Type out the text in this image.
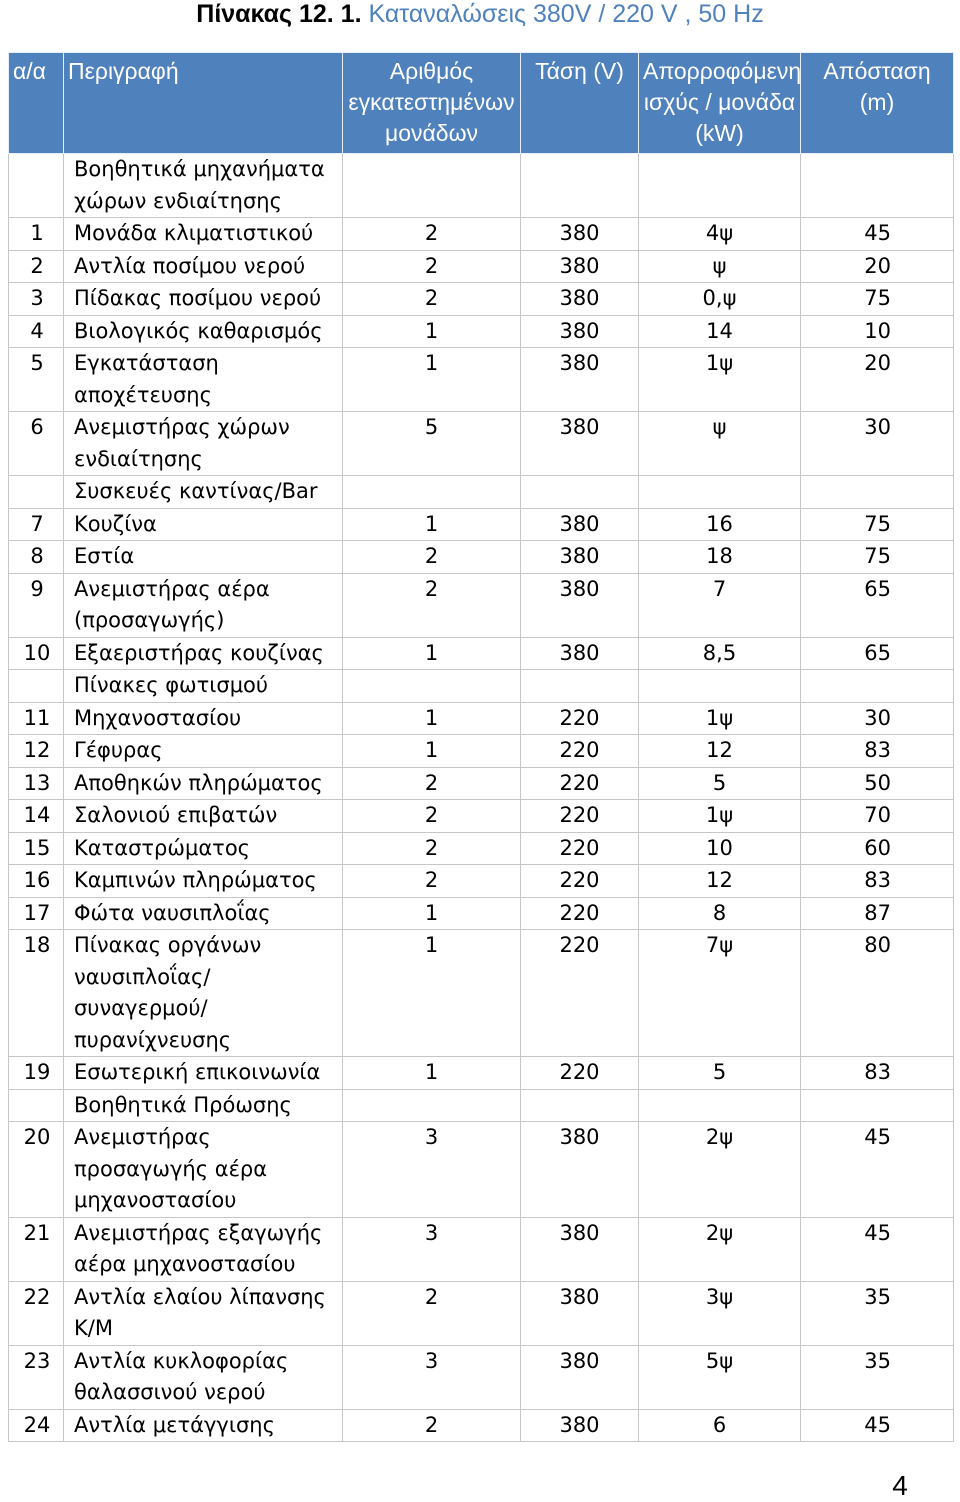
Πίνακας 12. 1. Καταναλώσεις 380V / 220 V , 50 Hz
α/α	Περιγραφή	Αριθμός εγκατεστημένων μονάδων	Τάση (V)	Απορροφόμενη ισχύς / μονάδα (kW)	Απόσταση (m)
	Βοηθητικά μηχανήματα χώρων ενδιαίτησης				
1	Μονάδα κλιματιστικού	2	380	4ψ	45
2	Αντλία ποσίμου νερού	2	380	ψ	20
3	Πίδακας ποσίμου νερού	2	380	0,ψ	75
4	Βιολογικός καθαρισμός	1	380	14	10
5	Εγκατάσταση αποχέτευσης	1	380	1ψ	20
6	Ανεμιστήρας χώρων ενδιαίτησης	5	380	ψ	30
	Συσκευές καντίνας/Bar				
7	Κουζίνα	1	380	16	75
8	Εστία	2	380	18	75
9	Ανεμιστήρας αέρα (προσαγωγής)	2	380	7	65
10	Εξαεριστήρας κουζίνας	1	380	8,5	65
	Πίνακες φωτισμού				
11	Μηχανοστασίου	1	220	1ψ	30
12	Γέφυρας	1	220	12	83
13	Αποθηκών πληρώματος	2	220	5	50
14	Σαλονιού επιβατών	2	220	1ψ	70
15	Καταστρώματος	2	220	10	60
16	Καμπινών πληρώματος	2	220	12	83
17	Φώτα ναυσιπλοΐας	1	220	8	87
18	Πίνακας οργάνων ναυσιπλοΐας/συναγερμού/πυρανίχνευσης	1	220	7ψ	80
19	Εσωτερική επικοινωνία	1	220	5	83
	Βοηθητικά Πρόωσης				
20	Ανεμιστήρας προσαγωγής αέρα μηχανοστασίου	3	380	2ψ	45
21	Ανεμιστήρας εξαγωγής αέρα μηχανοστασίου	3	380	2ψ	45
22	Αντλία ελαίου λίπανσης Κ/Μ	2	380	3ψ	35
23	Αντλία κυκλοφορίας θαλασσινού νερού	3	380	5ψ	35
24	Αντλία μετάγγισης	2	380	6	45
4
